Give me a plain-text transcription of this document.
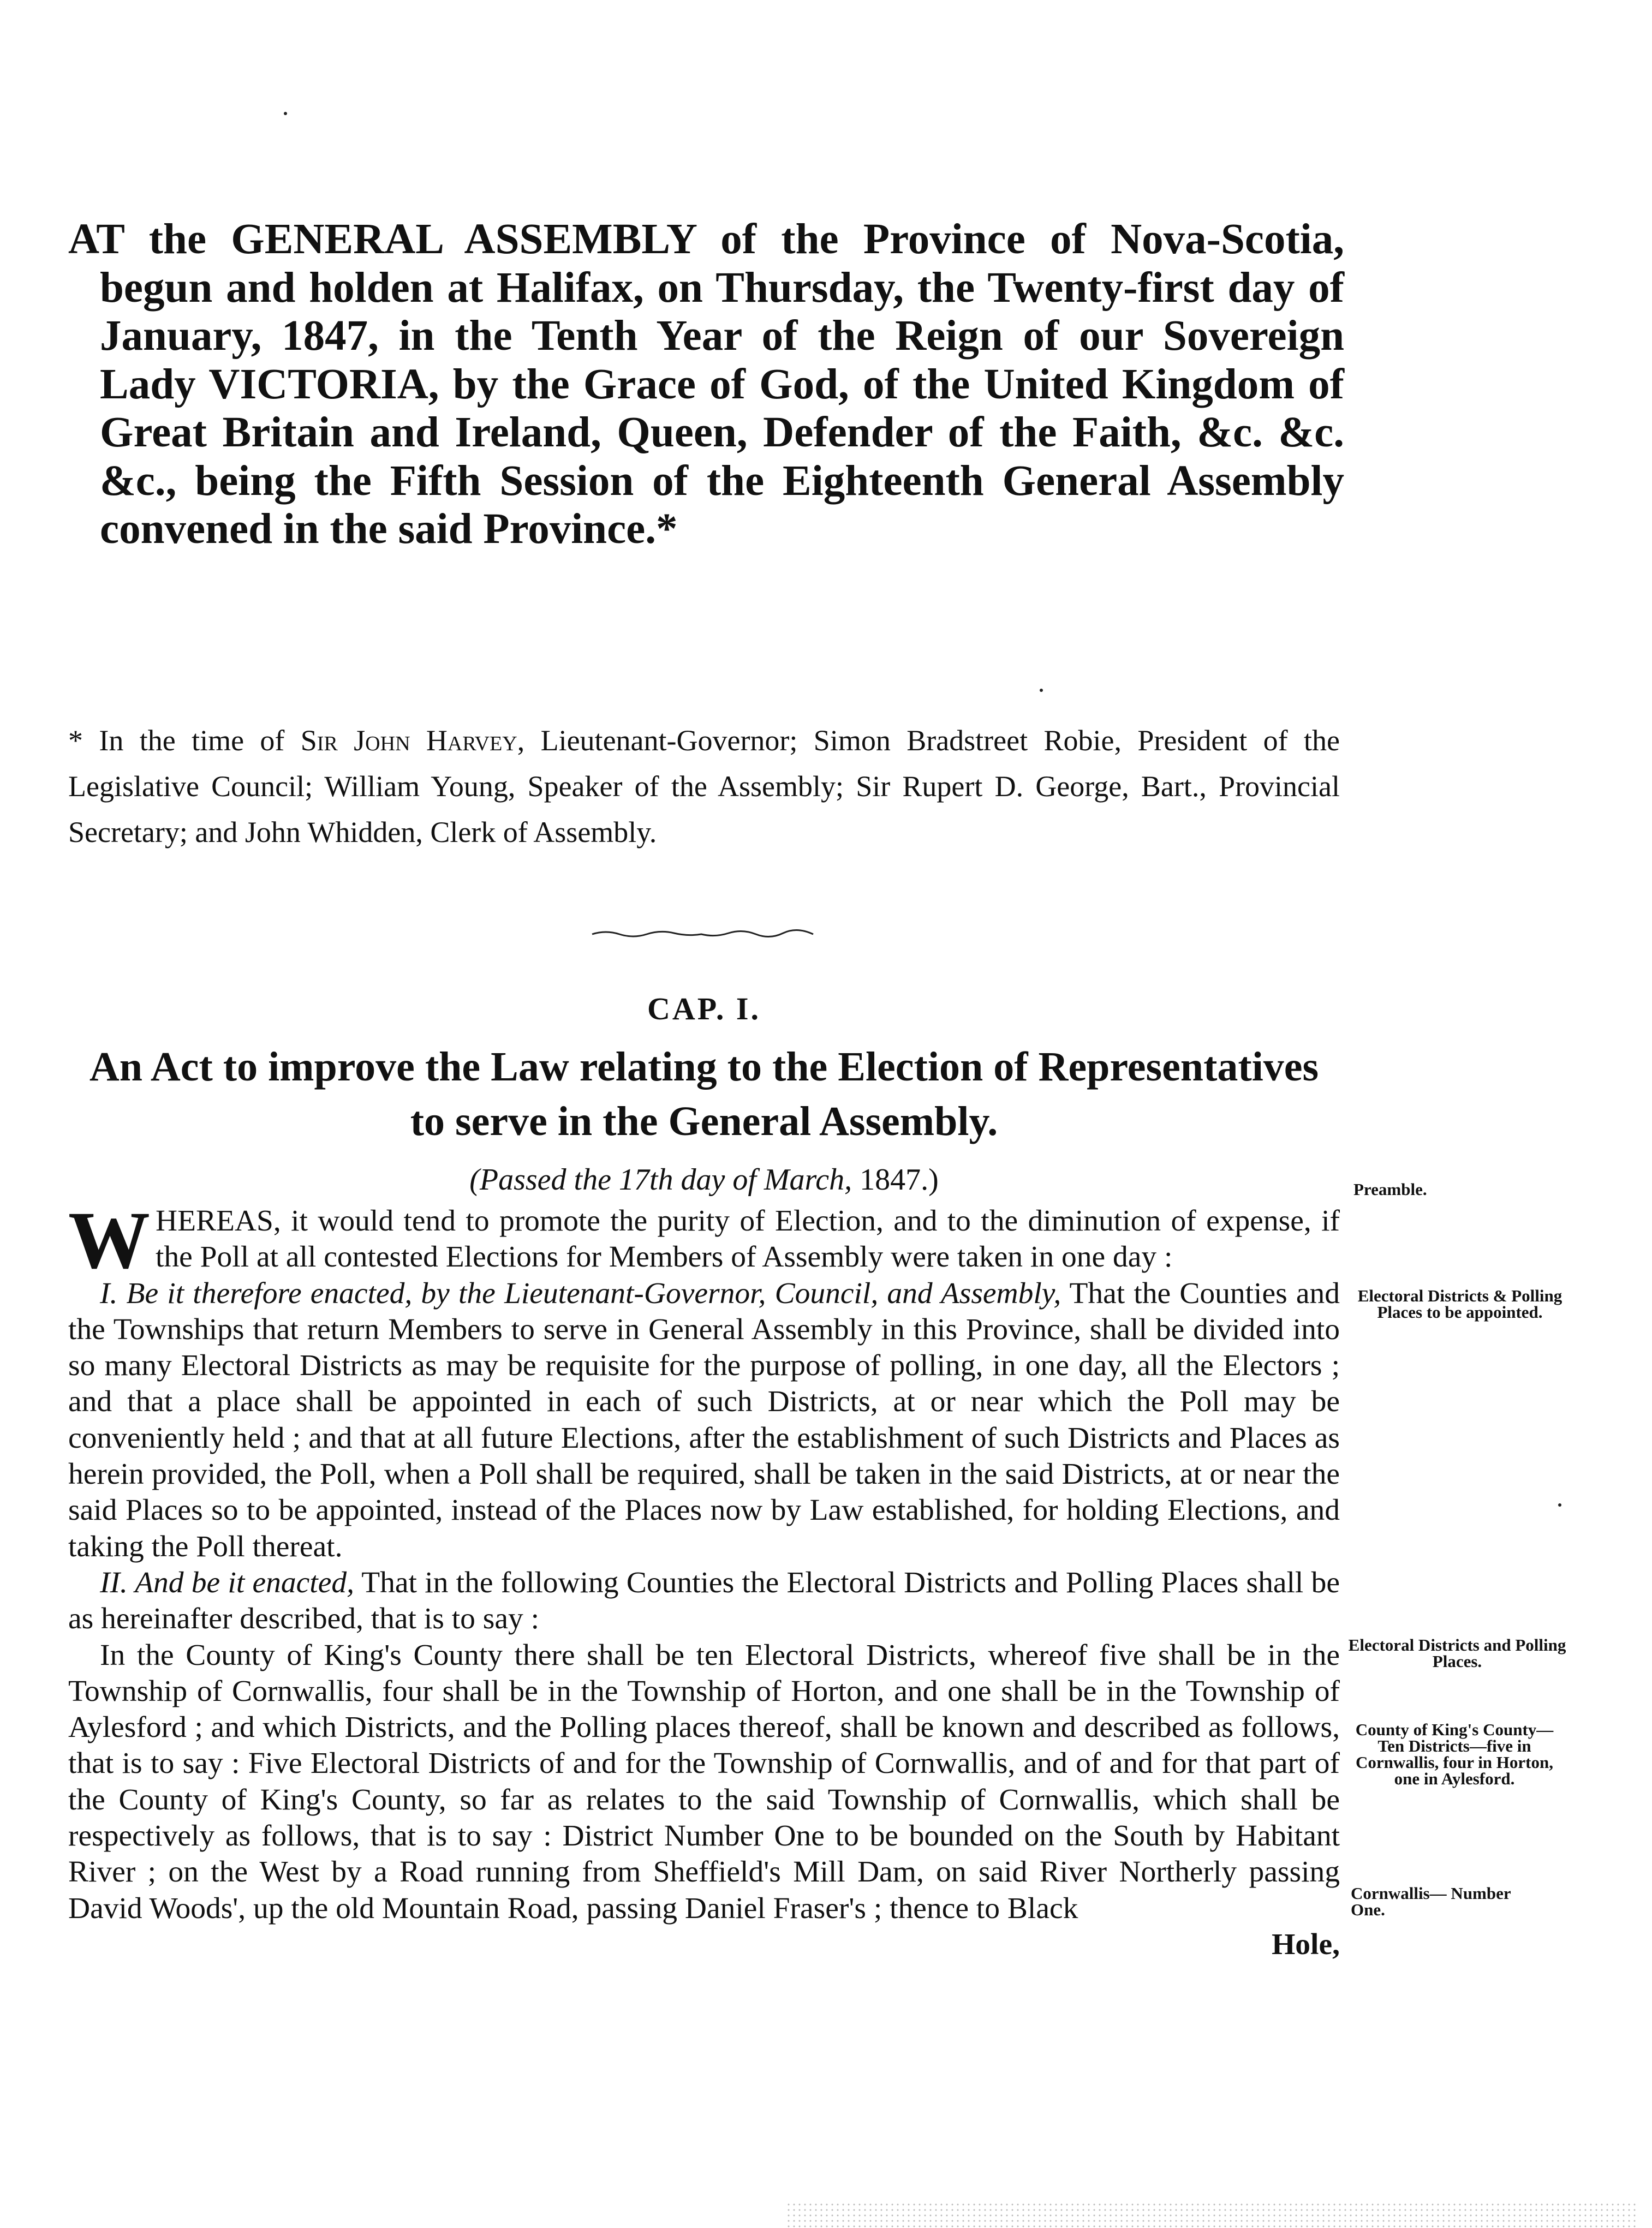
AT the GENERAL ASSEMBLY of the Province of Nova-Scotia, begun and holden at Halifax, on Thursday, the Twenty-first day of January, 1847, in the Tenth Year of the Reign of our Sovereign Lady VICTORIA, by the Grace of God, of the United Kingdom of Great Britain and Ireland, Queen, Defender of the Faith, &c. &c. &c., being the Fifth Session of the Eighteenth General Assembly convened in the said Province.*
* In the time of Sir John Harvey, Lieutenant-Governor; Simon Bradstreet Robie, President of the Legislative Council; William Young, Speaker of the Assembly; Sir Rupert D. George, Bart., Provincial Secretary; and John Whidden, Clerk of Assembly.
CAP. I.
An Act to improve the Law relating to the Election of Representatives to serve in the General Assembly.
(Passed the 17th day of March, 1847.)

WHEREAS, it would tend to promote the purity of Election, and to the diminution of expense, if the Poll at all contested Elections for Members of Assembly were taken in one day :

I. Be it therefore enacted, by the Lieutenant-Governor, Council, and Assembly, That the Counties and the Townships that return Members to serve in General Assembly in this Province, shall be divided into so many Electoral Districts as may be requisite for the purpose of polling, in one day, all the Electors ; and that a place shall be appointed in each of such Districts, at or near which the Poll may be conveniently held ; and that at all future Elections, after the establishment of such Districts and Places as herein provided, the Poll, when a Poll shall be required, shall be taken in the said Districts, at or near the said Places so to be appointed, instead of the Places now by Law established, for holding Elections, and taking the Poll thereat.

II. And be it enacted, That in the following Counties the Electoral Districts and Polling Places shall be as hereinafter described, that is to say :

In the County of King's County there shall be ten Electoral Districts, whereof five shall be in the Township of Cornwallis, four shall be in the Township of Horton, and one shall be in the Township of Aylesford ; and which Districts, and the Polling places thereof, shall be known and described as follows, that is to say : Five Electoral Districts of and for the Township of Cornwallis, and of and for that part of the County of King's County, so far as relates to the said Township of Cornwallis, which shall be respectively as follows, that is to say : District Number One to be bounded on the South by Habitant River ; on the West by a Road running from Sheffield's Mill Dam, on said River Northerly passing David Woods', up the old Mountain Road, passing Daniel Fraser's ; thence to Black

Hole,

Preamble.
Electoral Districts & Polling Places to be appointed.
Electoral Districts and Polling Places.
County of King's County—Ten Districts—five in Cornwallis, four in Horton, one in Aylesford.
Cornwallis— Number One.
